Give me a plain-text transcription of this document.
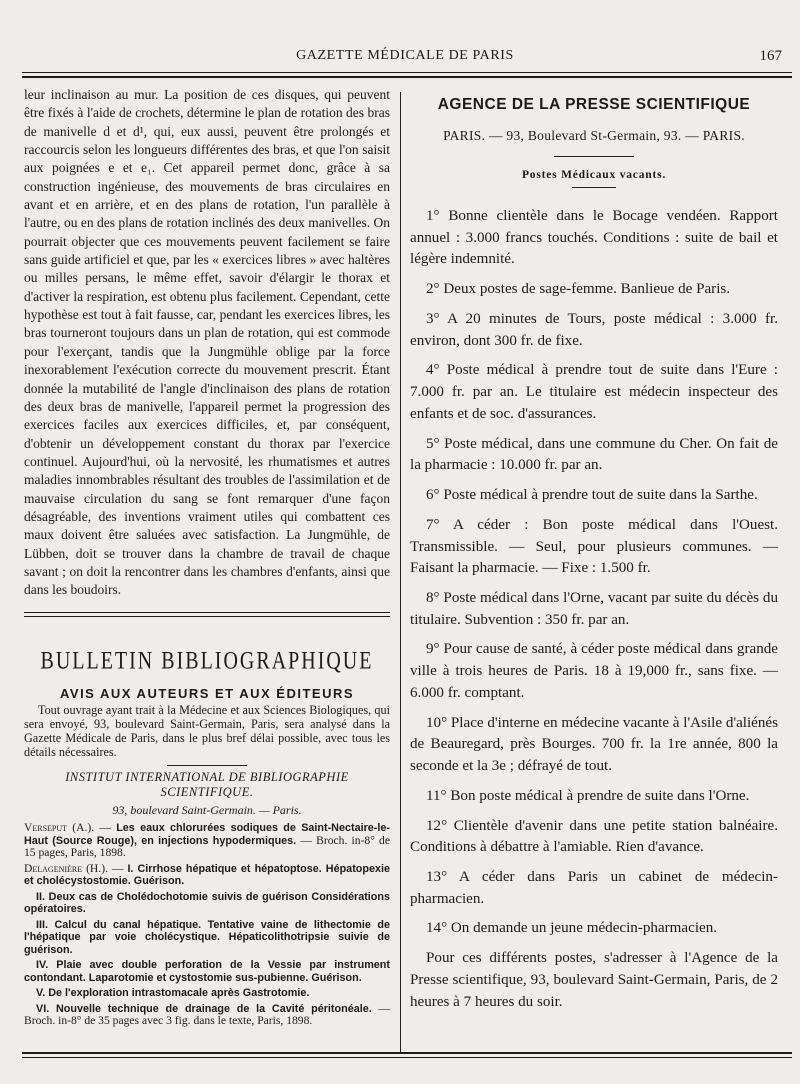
GAZETTE MÉDICALE DE PARIS	167

leur inclinaison au mur. La position de ces disques, qui peuvent être fixés à l'aide de crochets, détermine le plan de rotation des bras de manivelle d et d¹, qui, eux aussi, peuvent être prolongés et raccourcis selon les longueurs différentes des bras, et que l'on saisit aux poignées e et e₁. Cet appareil permet donc, grâce à sa construction ingénieuse, des mouvements de bras circulaires en avant et en arrière, et en des plans de rotation, l'un parallèle à l'autre, ou en des plans de rotation inclinés des deux manivelles. On pourrait objecter que ces mouvements peuvent facilement se faire sans guide artificiel et que, par les « exercices libres » avec haltères ou milles persans, le même effet, savoir d'élargir le thorax et d'activer la respiration, est obtenu plus facilement. Cependant, cette hypothèse est tout à fait fausse, car, pendant les exercices libres, les bras tourneront toujours dans un plan de rotation, qui est commode pour l'exerçant, tandis que la Jungmühle oblige par la force inexorablement l'exécution correcte du mouvement prescrit. Étant donnée la mutabilité de l'angle d'inclinaison des plans de rotation des deux bras de manivelle, l'appareil permet la progression des exercices faciles aux exercices difficiles, et, par conséquent, d'obtenir un développement constant du thorax par l'exercice continuel. Aujourd'hui, où la nervosité, les rhumatismes et autres maladies innombrables résultant des troubles de l'assimilation et de mauvaise circulation du sang se font remarquer d'une façon désagréable, des inventions vraiment utiles qui combattent ces maux doivent être saluées avec satisfaction. La Jungmühle, de Lübben, doit se trouver dans la chambre de travail de chaque savant ; on doit la rencontrer dans les chambres d'enfants, ainsi que dans les boudoirs.

BULLETIN BIBLIOGRAPHIQUE
AVIS AUX AUTEURS ET AUX ÉDITEURS

Tout ouvrage ayant trait à la Médecine et aux Sciences Biologiques, qui sera envoyé, 93, boulevard Saint-Germain, Paris, sera analysé dans la Gazette Médicale de Paris, dans le plus bref délai possible, avec tous les détails nécessaires.

INSTITUT INTERNATIONAL DE BIBLIOGRAPHIE
SCIENTIFIQUE.
93, boulevard Saint-Germain. — Paris.

Verseput (A.). — Les eaux chlorurées sodiques de Saint-Nectaire-le-Haut (Source Rouge), en injections hypodermiques. — Broch. in-8° de 15 pages, Paris, 1898.

Delagenière (H.). — I. Cirrhose hépatique et hépatoptose. Hépatopexie et cholécystostomie. Guérison.

II. Deux cas de Cholédochotomie suivis de guérison Considérations opératoires.

III. Calcul du canal hépatique. Tentative vaine de lithectomie de l'hépatique par voie cholécystique. Hépaticolithotripsie suivie de guérison.

IV. Plaie avec double perforation de la Vessie par instrument contondant. Laparotomie et cystostomie sus-pubienne. Guérison.

V. De l'exploration intrastomacale après Gastrotomie.

VI. Nouvelle technique de drainage de la Cavité péritonéale. — Broch. in-8° de 35 pages avec 3 fig. dans le texte, Paris, 1898.

AGENCE DE LA PRESSE SCIENTIFIQUE
PARIS. — 93, Boulevard St-Germain, 93. — PARIS.
Postes Médicaux vacants.

1° Bonne clientèle dans le Bocage vendéen. Rapport annuel : 3.000 francs touchés. Conditions : suite de bail et légère indemnité.

2° Deux postes de sage-femme. Banlieue de Paris.

3° A 20 minutes de Tours, poste médical : 3.000 fr. environ, dont 300 fr. de fixe.

4° Poste médical à prendre tout de suite dans l'Eure : 7.000 fr. par an. Le titulaire est médecin inspecteur des enfants et de soc. d'assurances.

5° Poste médical, dans une commune du Cher. On fait de la pharmacie : 10.000 fr. par an.

6° Poste médical à prendre tout de suite dans la Sarthe.

7° A céder : Bon poste médical dans l'Ouest. Transmissible. — Seul, pour plusieurs communes. — Faisant la pharmacie. — Fixe : 1.500 fr.

8° Poste médical dans l'Orne, vacant par suite du décès du titulaire. Subvention : 350 fr. par an.

9° Pour cause de santé, à céder poste médical dans grande ville à trois heures de Paris. 18 à 19,000 fr., sans fixe. — 6.000 fr. comptant.

10° Place d'interne en médecine vacante à l'Asile d'aliénés de Beauregard, près Bourges. 700 fr. la 1re année, 800 la seconde et la 3e ; défrayé de tout.

11° Bon poste médical à prendre de suite dans l'Orne.

12° Clientèle d'avenir dans une petite station balnéaire. Conditions à débattre à l'amiable. Rien d'avance.

13° A céder dans Paris un cabinet de médecin-pharmacien.

14° On demande un jeune médecin-pharmacien.

Pour ces différents postes, s'adresser à l'Agence de la Presse scientifique, 93, boulevard Saint-Germain, Paris, de 2 heures à 7 heures du soir.
